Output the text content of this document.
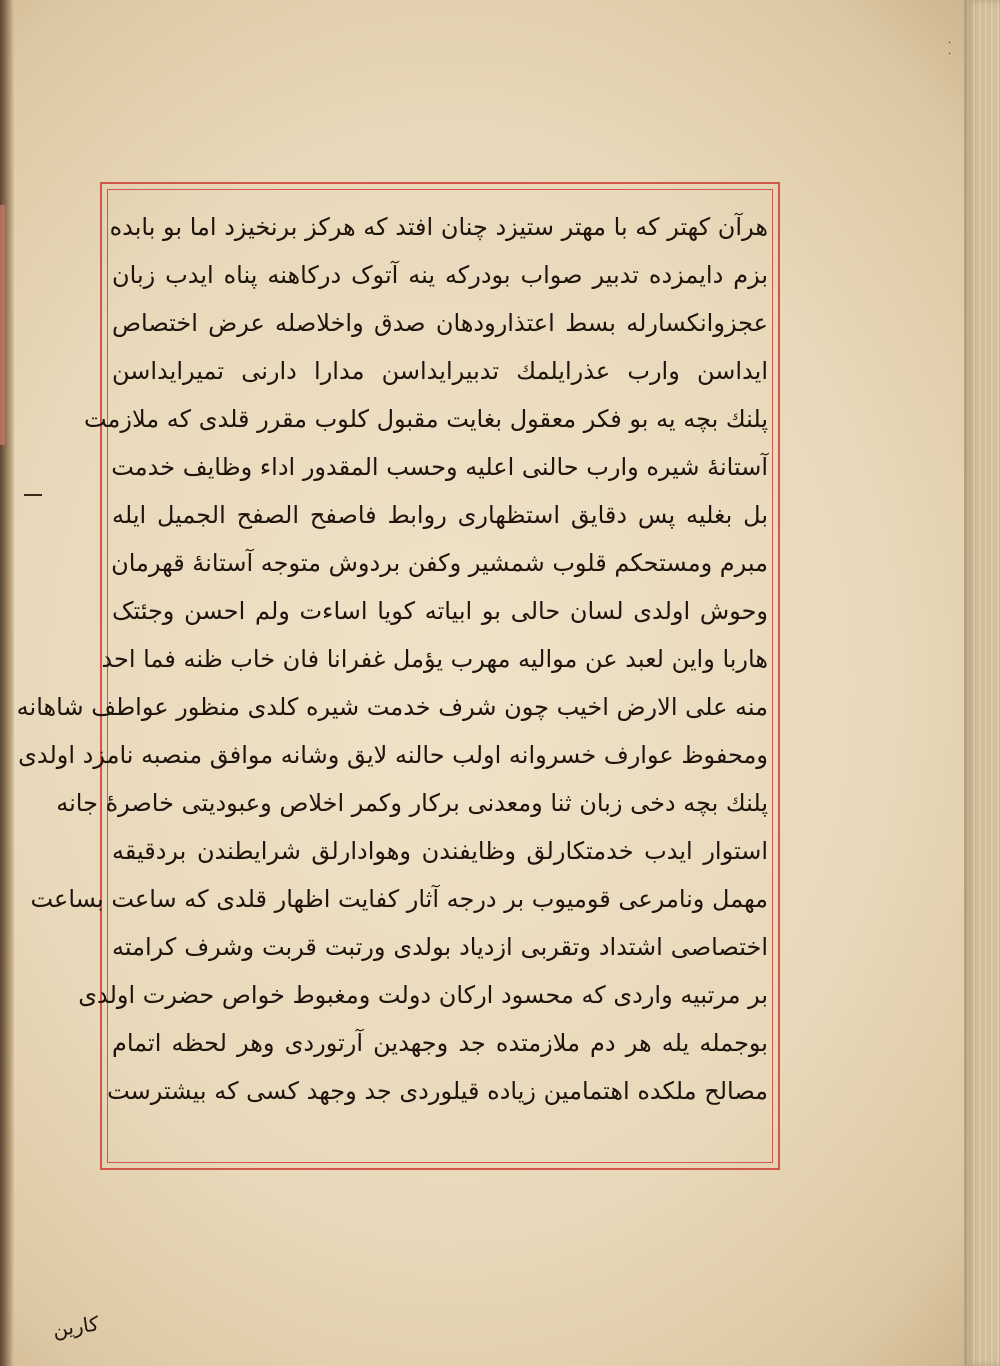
· ·
هرآن کهتر که با مهتر ستیزد چنان افتد که هرکز برنخیزد اما بو بابده
بزم دایمزده تدبیر صواب بودرکه ینه آتوک درکاهنه پناه ایدب زبان
عجزوانکسارله بسط اعتذارودهان صدق واخلاصله عرض اختصاص
ایداسن وارب عذرایلمك تدبیرایداسن مدارا دارنی تمیرایداسن
پلنك بچه یه بو فکر معقول بغایت مقبول کلوب مقرر قلدی که ملازمت
آستانهٔ شیره وارب حالنی اعلیه وحسب المقدور اداء وظایف خدمت
بل بغلیه پس دقایق استظهاری روابط فاصفح الصفح الجمیل ایله
مبرم ومستحکم قلوب شمشیر وکفن بردوش متوجه آستانهٔ قهرمان
وحوش اولدی لسان حالی بو ابیاته کویا اساءت ولم احسن وجئتک
هاربا واین لعبد عن موالیه مهرب یؤمل غفرانا فان خاب ظنه فما احد
منه علی الارض اخیب چون شرف خدمت شیره کلدی منظور عواطف شاهانه
ومحفوظ عوارف خسروانه اولب حالنه لایق وشانه موافق منصبه نامزد اولدی
پلنك بچه دخی زبان ثنا ومعدنی برکار وکمر اخلاص وعبودیتی خاصرهٔ جانه
استوار ایدب خدمتکارلق وظایفندن وهوادارلق شرایطندن بردقیقه
مهمل ونامرعی قومیوب بر درجه آثار کفایت اظهار قلدی که ساعت بساعت
اختصاصی اشتداد وتقربی ازدیاد بولدی ورتبت قربت وشرف کرامته
بر مرتبیه واردی که محسود ارکان دولت ومغبوط خواص حضرت اولدی
بوجمله یله هر دم ملازمتده جد وجهدین آرتوردی وهر لحظه اتمام
مصالح ملکده اهتمامین زیاده قیلوردی جد وجهد کسی که بیشترست
کارین
